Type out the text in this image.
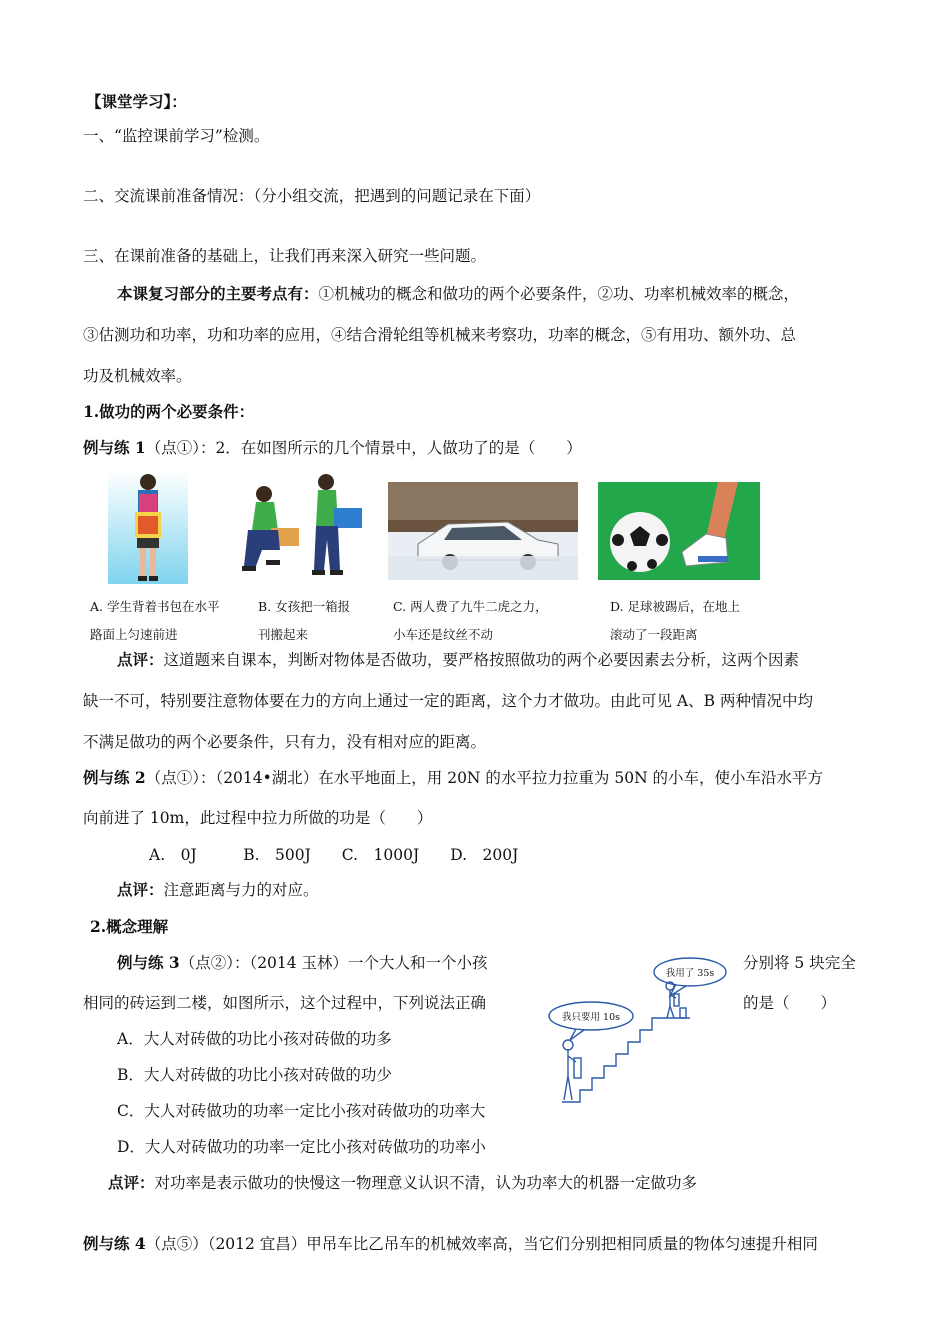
【课堂学习】：
一、“监控课前学习”检测。
二、交流课前准备情况：（分小组交流，把遇到的问题记录在下面）
三、在课前准备的基础上，让我们再来深入研究一些问题。
本课复习部分的主要考点有：①机械功的概念和做功的两个必要条件，②功、功率机械效率的概念，
③估测功和功率，功和功率的应用，④结合滑轮组等机械来考察功，功率的概念，⑤有用功、额外功、总
功及机械效率。
1.做功的两个必要条件：
例与练 1（点①）：2．在如图所示的几个情景中，人做功了的是（　　）
A. 学生背着书包在水平
路面上匀速前进
B. 女孩把一箱报
刊搬起来
C. 两人费了九牛二虎之力，
小车还是纹丝不动
D. 足球被踢后，在地上
滚动了一段距离
点评：这道题来自课本，判断对物体是否做功，要严格按照做功的两个必要因素去分析，这两个因素
缺一不可，特别要注意物体要在力的方向上通过一定的距离，这个力才做功。由此可见 A、B 两种情况中均
不满足做功的两个必要条件，只有力，没有相对应的距离。
例与练 2（点①）：（2014•湖北）在水平地面上，用 20N 的水平拉力拉重为 50N 的小车，使小车沿水平方
向前进了 10m，此过程中拉力所做的功是（　　）
A.　0J　　　B.　500J　　C.　1000J　　D.　200J
点评：注意距离与力的对应。
2.概念理解
例与练 3（点②）：（2014 玉林）一个大人和一个小孩	分别将 5 块完全
相同的砖运到二楼，如图所示，这个过程中，下列说法正确	的是（　　）
我用了 35s
我只要用 10s
A．大人对砖做的功比小孩对砖做的功多
B．大人对砖做的功比小孩对砖做的功少
C．大人对砖做功的功率一定比小孩对砖做功的功率大
D．大人对砖做功的功率一定比小孩对砖做功的功率小
点评：对功率是表示做功的快慢这一物理意义认识不清，认为功率大的机器一定做功多
例与练 4（点⑤）（2012 宜昌）甲吊车比乙吊车的机械效率高，当它们分别把相同质量的物体匀速提升相同
